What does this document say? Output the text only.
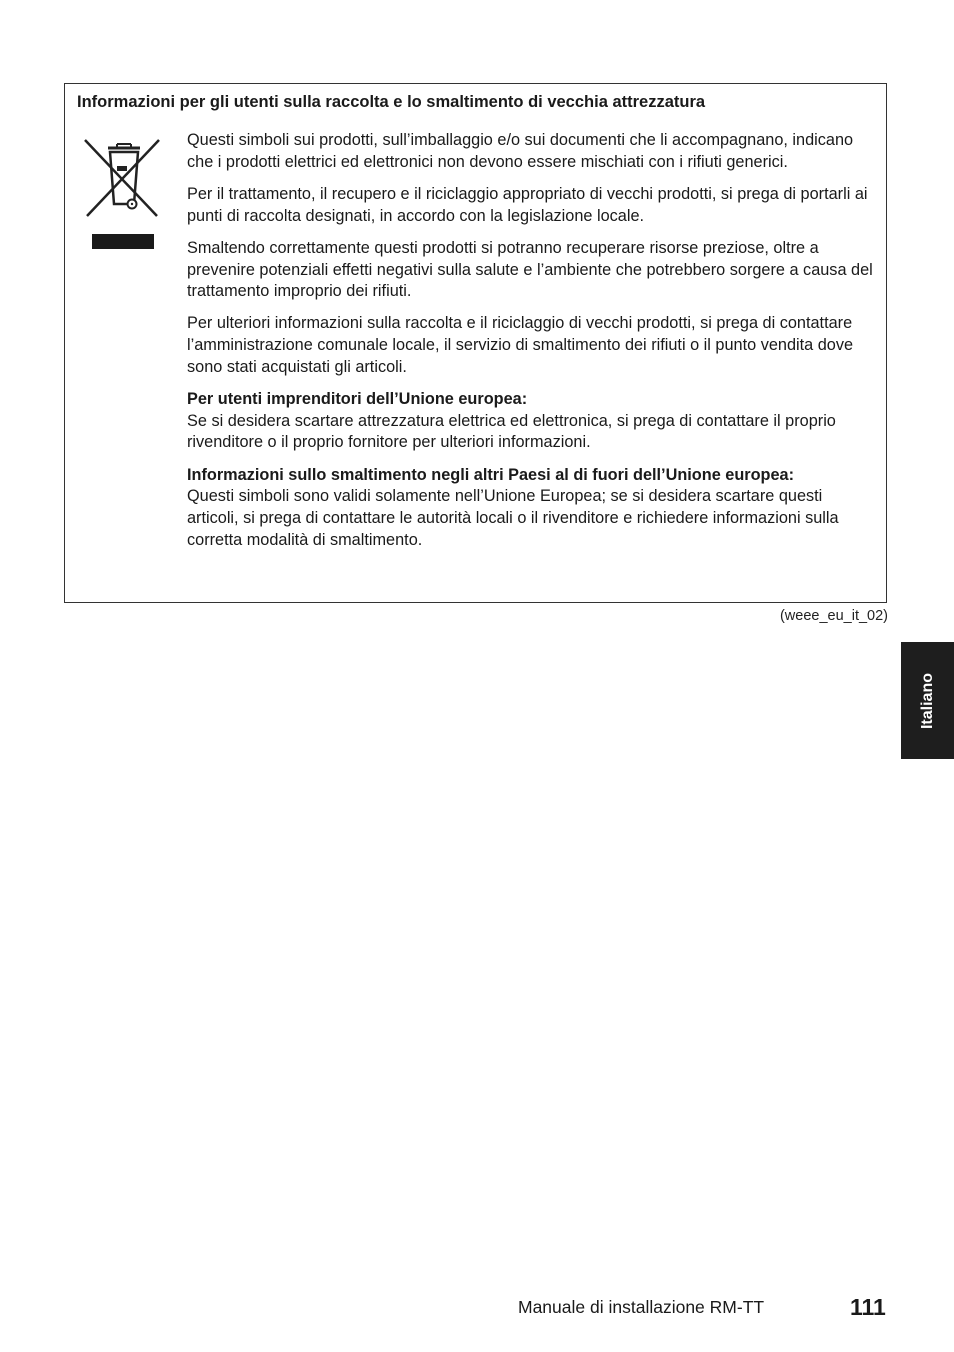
Informazioni per gli utenti sulla raccolta e lo smaltimento di vecchia attrezzatura

Questi simboli sui prodotti, sull’imballaggio e/o sui documenti che li accompagnano, indicano che i prodotti elettrici ed elettronici non devono essere mischiati con i rifiuti generici.

Per il trattamento, il recupero e il riciclaggio appropriato di vecchi prodotti, si prega di portarli ai punti di raccolta designati, in accordo con la legislazione locale.

Smaltendo correttamente questi prodotti si potranno recuperare risorse preziose, oltre a prevenire potenziali effetti negativi sulla salute e l’ambiente che potrebbero sorgere a causa del trattamento improprio dei rifiuti.

Per ulteriori informazioni sulla raccolta e il riciclaggio di vecchi prodotti, si prega di contattare l’amministrazione comunale locale, il servizio di smaltimento dei rifiuti o il punto vendita dove sono stati acquistati gli articoli.

Per utenti imprenditori dell’Unione europea:

Se si desidera scartare attrezzatura elettrica ed elettronica, si prega di contattare il proprio rivenditore o il proprio fornitore per ulteriori informazioni.

Informazioni sullo smaltimento negli altri Paesi al di fuori dell’Unione europea:

Questi simboli sono validi solamente nell’Unione Europea; se si desidera scartare questi articoli, si prega di contattare le autorità locali o il rivenditore e richiedere informazioni sulla corretta modalità di smaltimento.

(weee_eu_it_02)
Italiano
Manuale di installazione RM-TT	111
